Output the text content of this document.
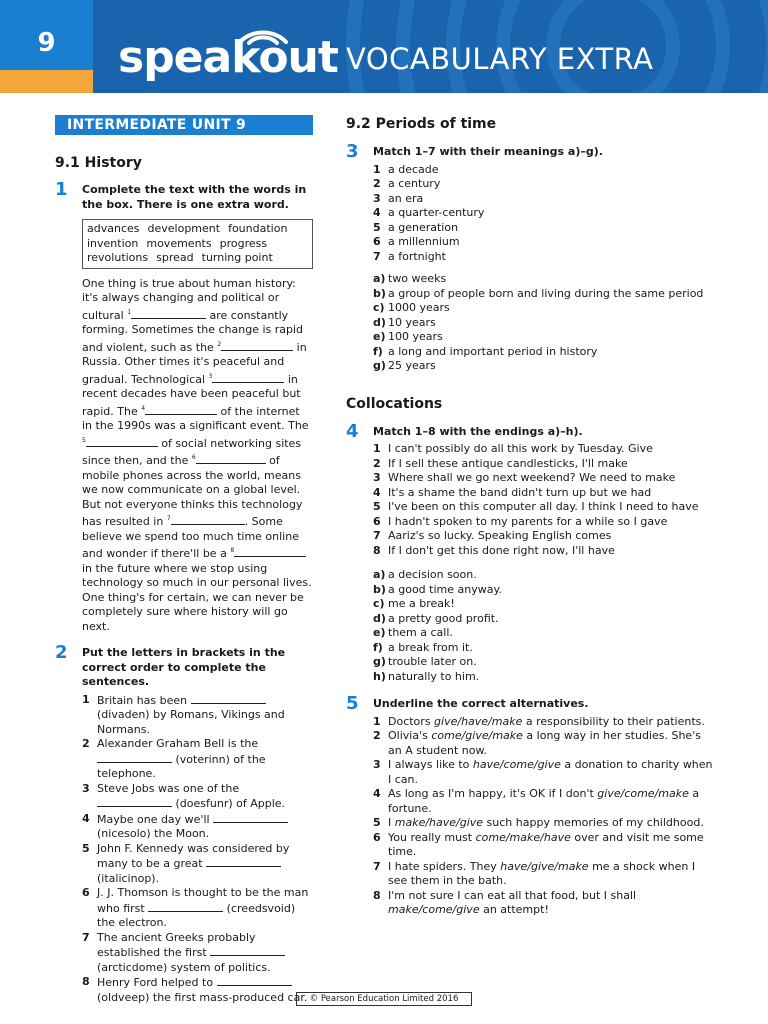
9	speakout VOCABULARY EXTRA
INTERMEDIATE UNIT 9
9.1 History
1 Complete the text with the words in the box. There is one extra word.
advances development foundation
invention movements progress
revolutions spread turning point
One thing is true about human history: it's always changing and political or cultural $^1$	are constantly forming. Sometimes the change is rapid and violent, such as the $^2$	in Russia. Other times it's peaceful and gradual. Technological $^3$	in recent decades have been peaceful but rapid. The $^4$	of the internet in the 1990s was a significant event. The $^5$	of social networking sites since then, and the $^6$	of mobile phones across the world, means we now communicate on a global level. But not everyone thinks this technology has resulted in $^7$	. Some believe we spend too much time online and wonder if there'll be a $^8$ in the future where we stop using technology so much in our personal lives. One thing's for certain, we can never be completely sure where history will go next.
2 Put the letters in brackets in the correct order to complete the sentences.
1 Britain has been  (divaden) by Romans, Vikings and Normans.
2 Alexander Graham Bell is the  (voterinn) of the telephone.
3 Steve Jobs was one of the  (doesfunr) of Apple.
4 Maybe one day we'll  (nicesolo) the Moon.
5 John F. Kennedy was considered by many to be a great  (italicinop).
6 J. J. Thomson is thought to be the man who first	(creedsvoid) the electron.
7 The ancient Greeks probably established the first  (arcticdome) system of politics.
8 Henry Ford helped to  (oldveep) the first mass-produced car.
9.2 Periods of time
3 Match 1–7 with their meanings a)–g).
1 a decade
2 a century
3 an era
4 a quarter-century
5 a generation
6 a millennium
7 a fortnight
a) two weeks
b) a group of people born and living during the same period
c) 1000 years
d) 10 years
e) 100 years
f) a long and important period in history
g) 25 years
Collocations
4 Match 1–8 with the endings a)–h).
1 I can't possibly do all this work by Tuesday. Give
2 If I sell these antique candlesticks, I'll make
3 Where shall we go next weekend? We need to make
4 It's a shame the band didn't turn up but we had
5 I've been on this computer all day. I think I need to have
6 I hadn't spoken to my parents for a while so I gave
7 Aariz's so lucky. Speaking English comes
8 If I don't get this done right now, I'll have
a) a decision soon.
b) a good time anyway.
c) me a break!
d) a pretty good profit.
e) them a call.
f) a break from it.
g) trouble later on.
h) naturally to him.
5 Underline the correct alternatives.
1 Doctors give/have/make a responsibility to their patients.
2 Olivia's come/give/make a long way in her studies. She's an A student now.
3 I always like to have/come/give a donation to charity when I can.
4 As long as I'm happy, it's OK if I don't give/come/make a fortune.
5 I make/have/give such happy memories of my childhood.
6 You really must come/make/have over and visit me some time.
7 I hate spiders. They have/give/make me a shock when I see them in the bath.
8 I'm not sure I can eat all that food, but I shall make/come/give an attempt!
© Pearson Education Limited 2016
